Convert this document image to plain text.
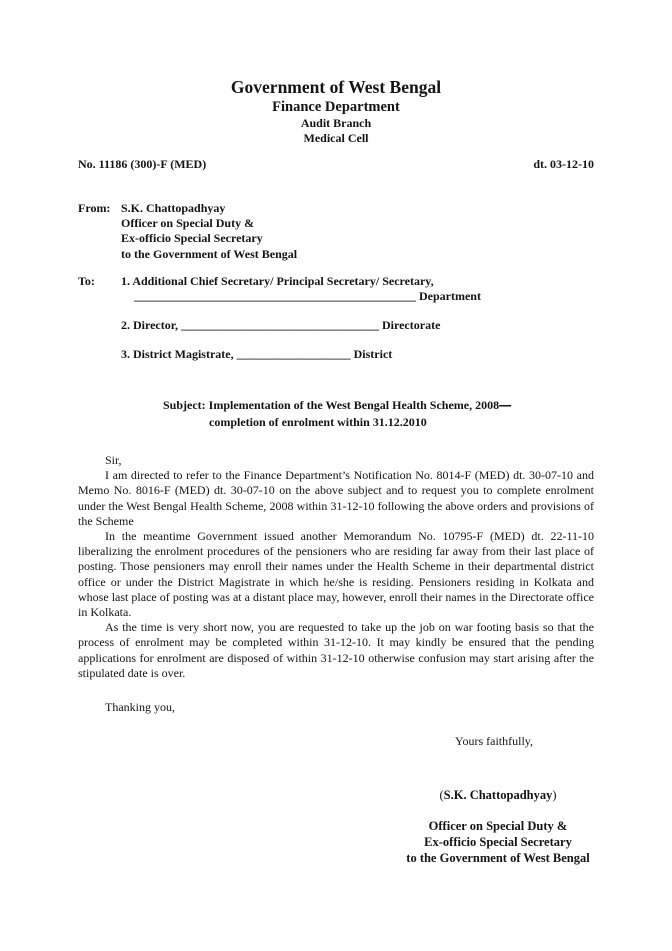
Government of West Bengal
Finance Department
Audit Branch
Medical Cell
No. 11186 (300)-F (MED)	dt. 03-12-10
From: S.K. Chattopadhyay
Officer on Special Duty &
Ex-officio Special Secretary
to the Government of West Bengal
To:	1. Additional Chief Secretary/ Principal Secretary/ Secretary,
_______________________________________________ Department
2. Director, _________________________________ Directorate
3. District Magistrate, ___________________ District
Subject: Implementation of the West Bengal Health Scheme, 2008—
completion of enrolment within 31.12.2010

Sir,

I am directed to refer to the Finance Department’s Notification No. 8014-F (MED) dt. 30-07-10 and Memo No. 8016-F (MED) dt. 30-07-10 on the above subject and to request you to complete enrolment under the West Bengal Health Scheme, 2008 within 31-12-10 following the above orders and provisions of the Scheme

In the meantime Government issued another Memorandum No. 10795-F (MED) dt. 22-11-10 liberalizing the enrolment procedures of the pensioners who are residing far away from their last place of posting. Those pensioners may enroll their names under the Health Scheme in their departmental district office or under the District Magistrate in which he/she is residing. Pensioners residing in Kolkata and whose last place of posting was at a distant place may, however, enroll their names in the Directorate office in Kolkata.

As the time is very short now, you are requested to take up the job on war footing basis so that the process of enrolment may be completed within 31-12-10. It may kindly be ensured that the pending applications for enrolment are disposed of within 31-12-10 otherwise confusion may start arising after the stipulated date is over.

Thanking you,
Yours faithfully,
(S.K. Chattopadhyay)
Officer on Special Duty &
Ex-officio Special Secretary
to the Government of West Bengal
